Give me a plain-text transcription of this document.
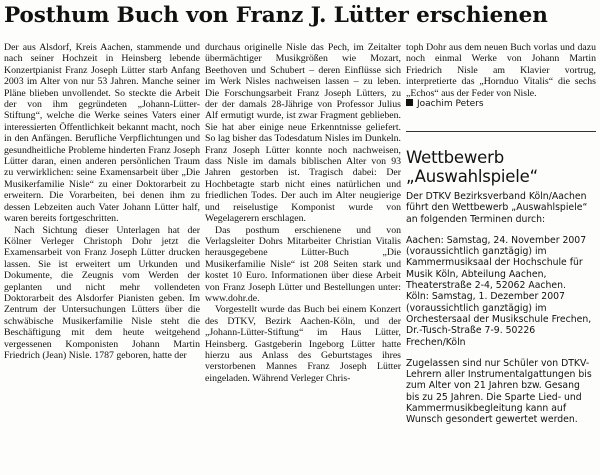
Posthum Buch von Franz J. Lütter erschienen

Der aus Alsdorf, Kreis Aachen, stammende und nach seiner Hochzeit in Heinsberg lebende Konzertpianist Franz Joseph Lütter starb Anfang 2003 im Alter von nur 53 Jahren. Manche seiner Pläne blieben unvollendet. So steckte die Arbeit der von ihm gegründeten „Johann-Lütter-Stiftung“, welche die Werke seines Vaters einer interessierten Öffentlichkeit bekannt macht, noch in den Anfängen. Berufliche Verpflichtungen und gesundheitliche Probleme hinderten Franz Joseph Lütter daran, einen anderen persönlichen Traum zu verwirklichen: seine Examensarbeit über „Die Musikerfamilie Nisle“ zu einer Doktorarbeit zu erweitern. Die Vorarbeiten, bei denen ihm zu dessen Lebzeiten auch Vater Johann Lütter half, waren bereits fortgeschritten.

Nach Sichtung dieser Unterlagen hat der Kölner Verleger Christoph Dohr jetzt die Examensarbeit von Franz Joseph Lütter drucken lassen. Sie ist erweitert um Urkunden und Dokumente, die Zeugnis vom Werden der geplanten und nicht mehr vollendeten Doktorarbeit des Alsdorfer Pianisten geben. Im Zentrum der Untersuchungen Lütters über die schwäbische Musikerfamilie Nisle steht die Beschäftigung mit dem heute weitgehend vergessenen Komponisten Johann Martin Friedrich (Jean) Nisle. 1787 geboren, hatte der

durchaus originelle Nisle das Pech, im Zeitalter übermächtiger Musikgrößen wie Mozart, Beethoven und Schubert – deren Einflüsse sich im Werk Nisles nachweisen lassen – zu leben. Die Forschungsarbeit Franz Joseph Lütters, zu der der damals 28-Jährige von Professor Julius Alf ermutigt wurde, ist zwar Fragment geblieben. Sie hat aber einige neue Erkenntnisse geliefert. So lag bisher das Todesdatum Nisles im Dunkeln. Franz Joseph Lütter konnte noch nachweisen, dass Nisle im damals biblischen Alter von 93 Jahren gestorben ist. Tragisch dabei: Der Hochbetagte starb nicht eines natürlichen und friedlichen Todes. Der auch im Alter neugierige und reiselustige Komponist wurde von Wegelagerern erschlagen.

Das posthum erschienene und von Verlagsleiter Dohrs Mitarbeiter Christian Vitalis herausgegebene Lütter-Buch „Die Musikerfamilie Nisle“ ist 208 Seiten stark und kostet 10 Euro. Informationen über diese Arbeit von Franz Joseph Lütter und Bestellungen unter: www.dohr.de.

Vorgestellt wurde das Buch bei einem Konzert des DTKV, Bezirk Aachen-Köln, und der „Johann-Lütter-Stiftung“ im Haus Lütter, Heinsberg. Gastgeberin Ingeborg Lütter hatte hierzu aus Anlass des Geburtstages ihres verstorbenen Mannes Franz Joseph Lütter eingeladen. Während Verleger Chris-

toph Dohr aus dem neuen Buch vorlas und dazu noch einmal Werke von Johann Martin Friedrich Nisle am Klavier vortrug, interpretierte das „Hornduo Vitalis“ die sechs „Echos“ aus der Feder von Nisle.

Joachim Peters

Wettbewerb
„Auswahlspiele“

Der DTKV Bezirksverband Köln/Aachen führt den Wettbewerb „Auswahlspiele“ an folgenden Terminen durch:

Aachen: Samstag, 24. November 2007 (voraussichtlich ganztägig) im Kammermusiksaal der Hochschule für Musik Köln, Abteilung Aachen, Theaterstraße 2-4, 52062 Aachen.
Köln: Samstag, 1. Dezember 2007 (voraussichtlich ganztägig) im Orchestersaal der Musikschule Frechen, Dr.-Tusch-Straße 7-9. 50226 Frechen/Köln

Zugelassen sind nur Schüler von DTKV-Lehrern aller Instrumentalgattungen bis zum Alter von 21 Jahren bzw. Gesang bis zu 25 Jahren. Die Sparte Lied- und Kammermusikbegleitung kann auf Wunsch gesondert gewertet werden.
